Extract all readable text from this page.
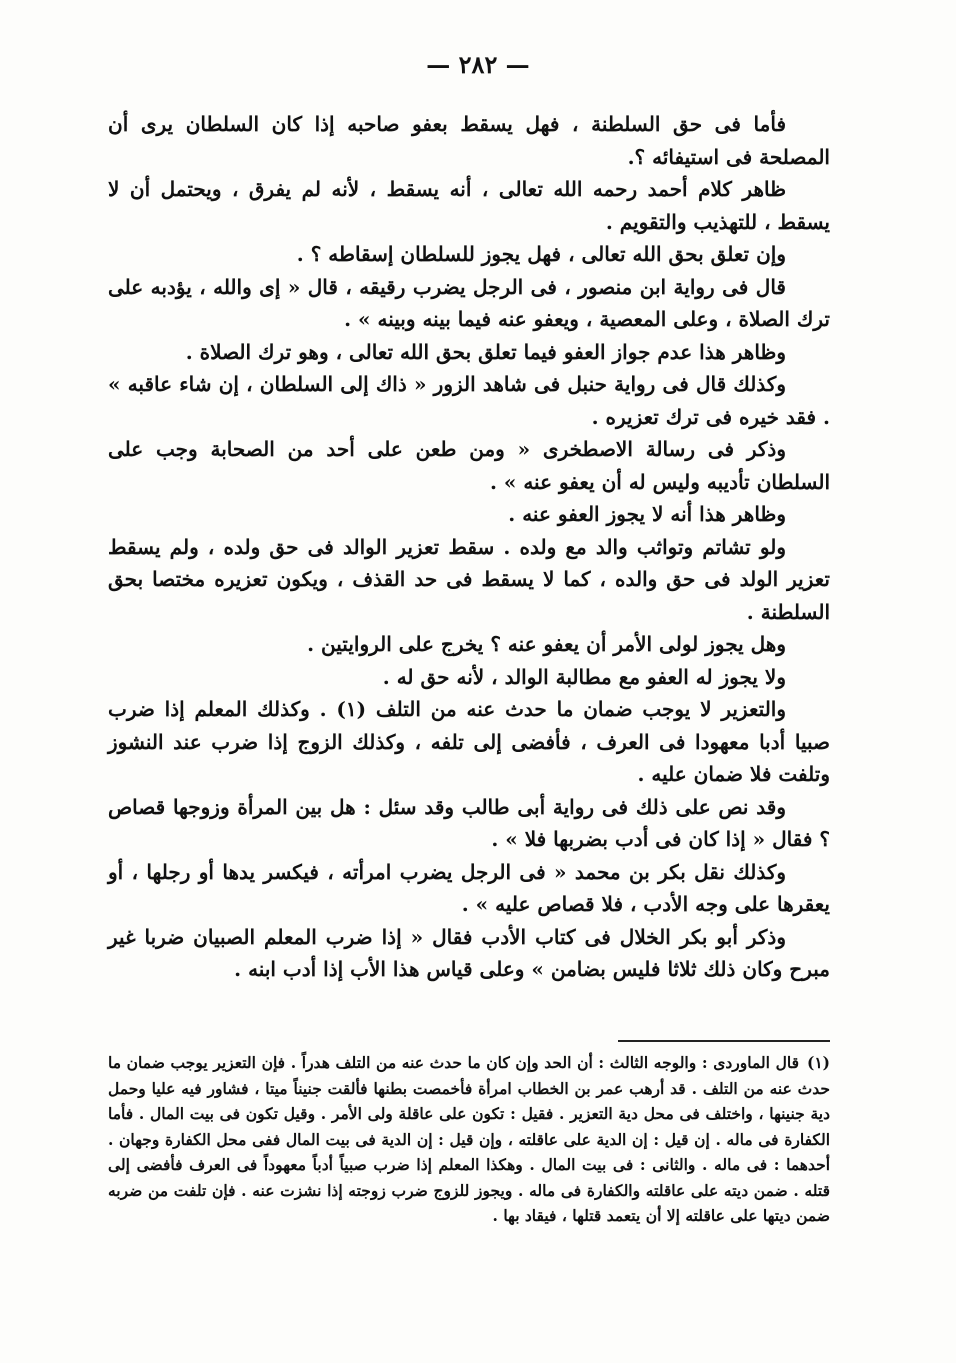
— ٢٨٢ —

فأما فى حق السلطنة ، فهل يسقط بعفو صاحبه إذا كان السلطان يرى أن المصلحة فى استيفائه ؟.

ظاهر كلام أحمد رحمه الله تعالى ، أنه يسقط ، لأنه لم يفرق ، ويحتمل أن لا يسقط ، للتهذيب والتقويم .

وإن تعلق بحق الله تعالى ، فهل يجوز للسلطان إسقاطه ؟ .

قال فى رواية ابن منصور ، فى الرجل يضرب رقيقه ، قال « إى والله ، يؤدبه على ترك الصلاة ، وعلى المعصية ، ويعفو عنه فيما بينه وبينه » .

وظاهر هذا عدم جواز العفو فيما تعلق بحق الله تعالى ، وهو ترك الصلاة .

وكذلك قال فى رواية حنبل فى شاهد الزور « ذاك إلى السلطان ، إن شاء عاقبه » . فقد خيره فى ترك تعزيره .

وذكر فى رسالة الاصطخرى « ومن طعن على أحد من الصحابة وجب على السلطان تأديبه وليس له أن يعفو عنه » .

وظاهر هذا أنه لا يجوز العفو عنه .

ولو تشاتم وتواثب والد مع ولده . سقط تعزير الوالد فى حق ولده ، ولم يسقط تعزير الولد فى حق والده ، كما لا يسقط فى حد القذف ، ويكون تعزيره مختصا بحق السلطنة .

وهل يجوز لولى الأمر أن يعفو عنه ؟ يخرج على الروايتين .

ولا يجوز له العفو مع مطالبة الوالد ، لأنه حق له .

والتعزير لا يوجب ضمان ما حدث عنه من التلف (١) . وكذلك المعلم إذا ضرب صبيا أدبا معهودا فى العرف ، فأفضى إلى تلفه ، وكذلك الزوج إذا ضرب عند النشوز وتلفت فلا ضمان عليه .

وقد نص على ذلك فى رواية أبى طالب وقد سئل : هل بين المرأة وزوجها قصاص ؟ فقال « إذا كان فى أدب بضربها فلا » .

وكذلك نقل بكر بن محمد « فى الرجل يضرب امرأته ، فيكسر يدها أو رجلها ، أو يعقرها على وجه الأدب ، فلا قصاص عليه » .

وذكر أبو بكر الخلال فى كتاب الأدب فقال « إذا ضرب المعلم الصبيان ضربا غير مبرح وكان ذلك ثلاثا فليس بضامن » وعلى قياس هذا الأب إذا أدب ابنه .

(١)قال الماوردى : والوجه الثالث : أن الحد وإن كان ما حدث عنه من التلف هدراً . فإن التعزير يوجب ضمان ما حدث عنه من التلف . قد أرهب عمر بن الخطاب امرأة فأخمصت بطنها فألقت جنيناً ميتا ، فشاور فيه عليا وحمل دية جنينها ، واختلف فى محل دية التعزير . فقيل : تكون على عاقلة ولى الأمر . وقيل تكون فى بيت المال . فأما الكفارة فى ماله . إن قيل : إن الدية على عاقلته ، وإن قيل : إن الدية فى بيت المال ففى محل الكفارة وجهان . أحدهما : فى ماله . والثانى : فى بيت المال . وهكذا المعلم إذا ضرب صبياً أدباً معهوداً فى العرف فأفضى إلى قتله . ضمن ديته على عاقلته والكفارة فى ماله . ويجوز للزوج ضرب زوجته إذا نشزت عنه . فإن تلفت من ضربه ضمن ديتها على عاقلته إلا أن يتعمد قتلها ، فيقاد بها .
